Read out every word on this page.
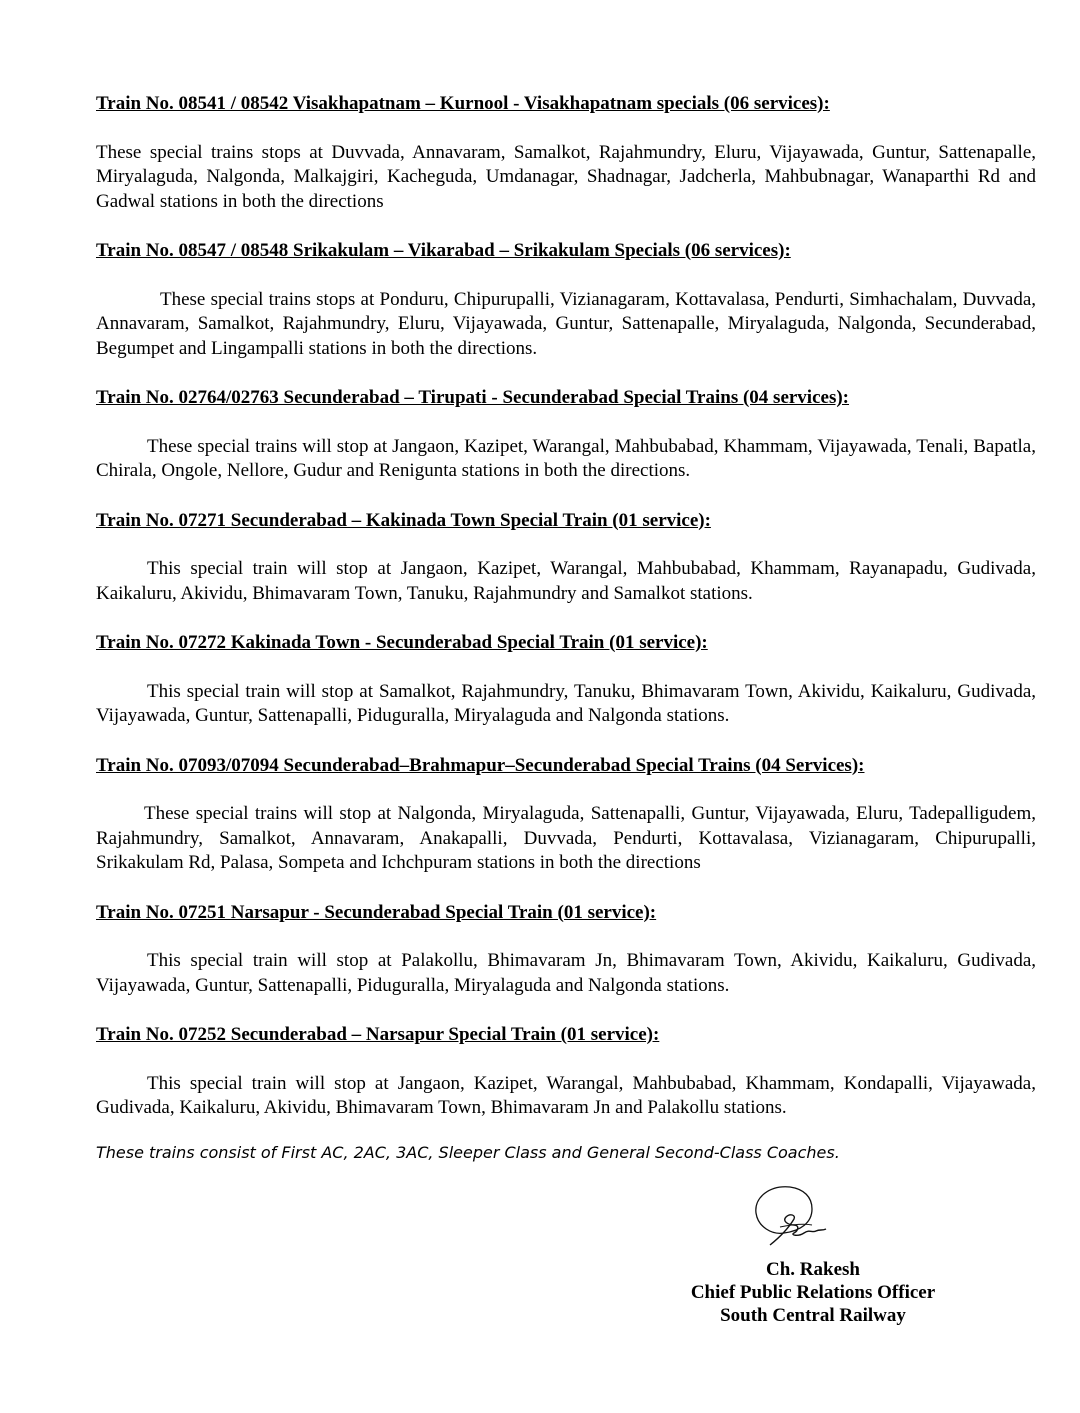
Train No. 08541 / 08542 Visakhapatnam – Kurnool - Visakhapatnam specials (06 services):
These special trains stops at Duvvada, Annavaram, Samalkot, Rajahmundry, Eluru, Vijayawada, Guntur, Sattenapalle, Miryalaguda, Nalgonda, Malkajgiri, Kacheguda, Umdanagar, Shadnagar, Jadcherla, Mahbubnagar, Wanaparthi Rd and Gadwal stations in both the directions
Train No. 08547 / 08548 Srikakulam – Vikarabad – Srikakulam Specials (06 services):
These special trains stops at Ponduru, Chipurupalli, Vizianagaram, Kottavalasa, Pendurti, Simhachalam, Duvvada, Annavaram, Samalkot, Rajahmundry, Eluru, Vijayawada, Guntur, Sattenapalle, Miryalaguda, Nalgonda, Secunderabad, Begumpet and Lingampalli stations in both the directions.
Train No. 02764/02763 Secunderabad – Tirupati - Secunderabad Special Trains (04 services):
These special trains will stop at Jangaon, Kazipet, Warangal, Mahbubabad, Khammam, Vijayawada, Tenali, Bapatla, Chirala, Ongole, Nellore, Gudur and Renigunta stations in both the directions.
Train No. 07271 Secunderabad – Kakinada Town Special Train (01 service):
This special train will stop at Jangaon, Kazipet, Warangal, Mahbubabad, Khammam, Rayanapadu, Gudivada, Kaikaluru, Akividu, Bhimavaram Town, Tanuku, Rajahmundry and Samalkot stations.
Train No. 07272 Kakinada Town - Secunderabad Special Train (01 service):
This special train will stop at Samalkot, Rajahmundry, Tanuku, Bhimavaram Town, Akividu, Kaikaluru, Gudivada, Vijayawada, Guntur, Sattenapalli, Piduguralla, Miryalaguda and Nalgonda stations.
Train No. 07093/07094 Secunderabad–Brahmapur–Secunderabad Special Trains (04 Services):
These special trains will stop at Nalgonda, Miryalaguda, Sattenapalli, Guntur, Vijayawada, Eluru, Tadepalligudem, Rajahmundry, Samalkot, Annavaram, Anakapalli, Duvvada, Pendurti, Kottavalasa, Vizianagaram, Chipurupalli, Srikakulam Rd, Palasa, Sompeta and Ichchpuram stations in both the directions
Train No. 07251 Narsapur - Secunderabad Special Train (01 service):
This special train will stop at Palakollu, Bhimavaram Jn, Bhimavaram Town, Akividu, Kaikaluru, Gudivada, Vijayawada, Guntur, Sattenapalli, Piduguralla, Miryalaguda and Nalgonda stations.
Train No. 07252 Secunderabad – Narsapur Special Train (01 service):
This special train will stop at Jangaon, Kazipet, Warangal, Mahbubabad, Khammam, Kondapalli, Vijayawada, Gudivada, Kaikaluru, Akividu, Bhimavaram Town, Bhimavaram Jn and Palakollu stations.
These trains consist of First AC, 2AC, 3AC, Sleeper Class and General Second-Class Coaches.
Ch. Rakesh
Chief Public Relations Officer
South Central Railway
